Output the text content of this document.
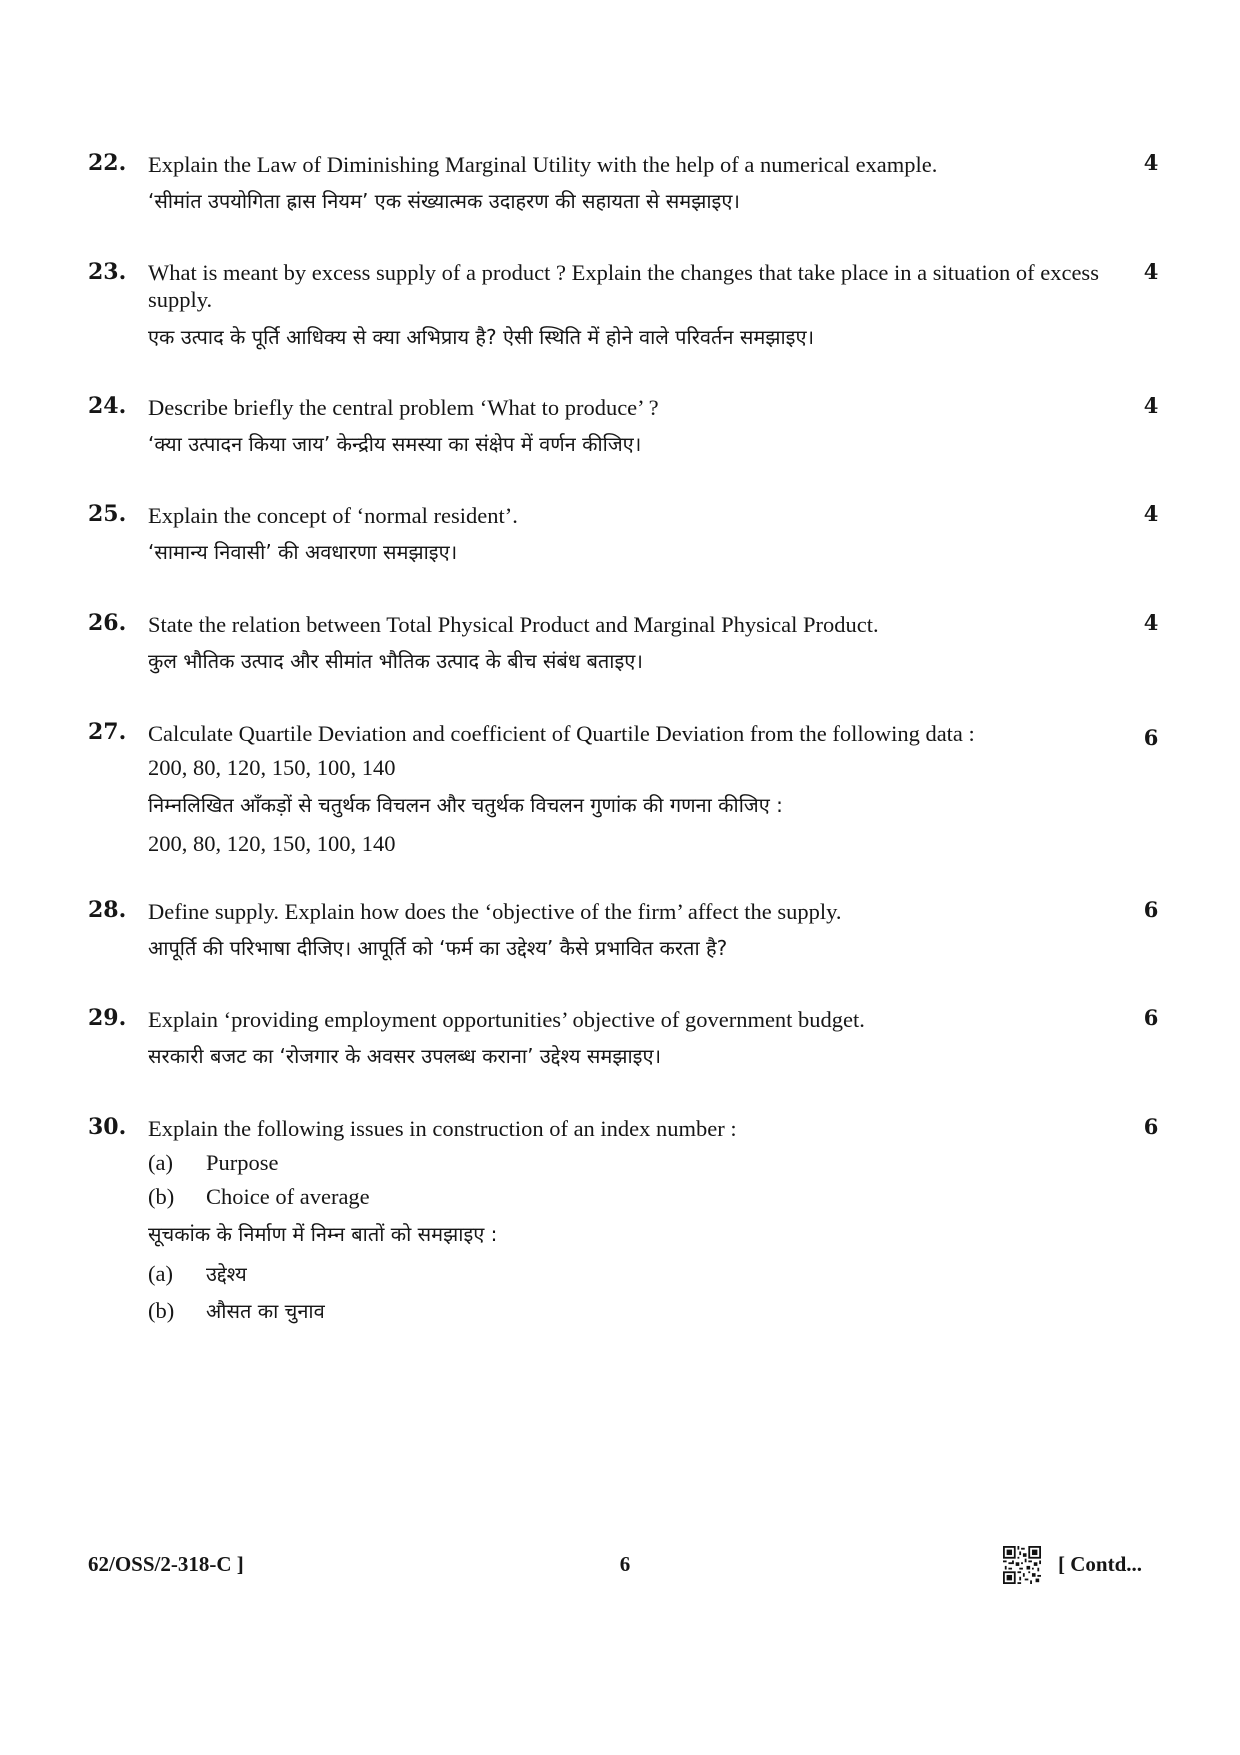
22. Explain the Law of Diminishing Marginal Utility with the help of a numerical example.

‘सीमांत उपयोगिता ह्रास नियम’ एक संख्यात्मक उदाहरण की सहायता से समझाइए।

4
23. What is meant by excess supply of a product ? Explain the changes that take place in a situation of excess supply.

एक उत्पाद के पूर्ति आधिक्य से क्या अभिप्राय है? ऐसी स्थिति में होने वाले परिवर्तन समझाइए।

4
24. Describe briefly the central problem ‘What to produce’ ?

‘क्या उत्पादन किया जाय’ केन्द्रीय समस्या का संक्षेप में वर्णन कीजिए।

4
25. Explain the concept of ‘normal resident’.

‘सामान्य निवासी’ की अवधारणा समझाइए।

4
26. State the relation between Total Physical Product and Marginal Physical Product.

कुल भौतिक उत्पाद और सीमांत भौतिक उत्पाद के बीच संबंध बताइए।

4
27. Calculate Quartile Deviation and coefficient of Quartile Deviation from the following data :

200, 80, 120, 150, 100, 140

निम्नलिखित आँकड़ों से चतुर्थक विचलन और चतुर्थक विचलन गुणांक की गणना कीजिए :

200, 80, 120, 150, 100, 140

6
28. Define supply. Explain how does the ‘objective of the firm’ affect the supply.

आपूर्ति की परिभाषा दीजिए। आपूर्ति को ‘फर्म का उद्देश्य’ कैसे प्रभावित करता है?

6
29. Explain ‘providing employment opportunities’ objective of government budget.

सरकारी बजट का ‘रोजगार के अवसर उपलब्ध कराना’ उद्देश्य समझाइए।

6
30. Explain the following issues in construction of an index number :

(a)	Purpose
(b)	Choice of average

सूचकांक के निर्माण में निम्न बातों को समझाइए :

(a)	उद्देश्य
(b)	औसत का चुनाव
6
62/OSS/2-318-C ]	6	[ Contd...
